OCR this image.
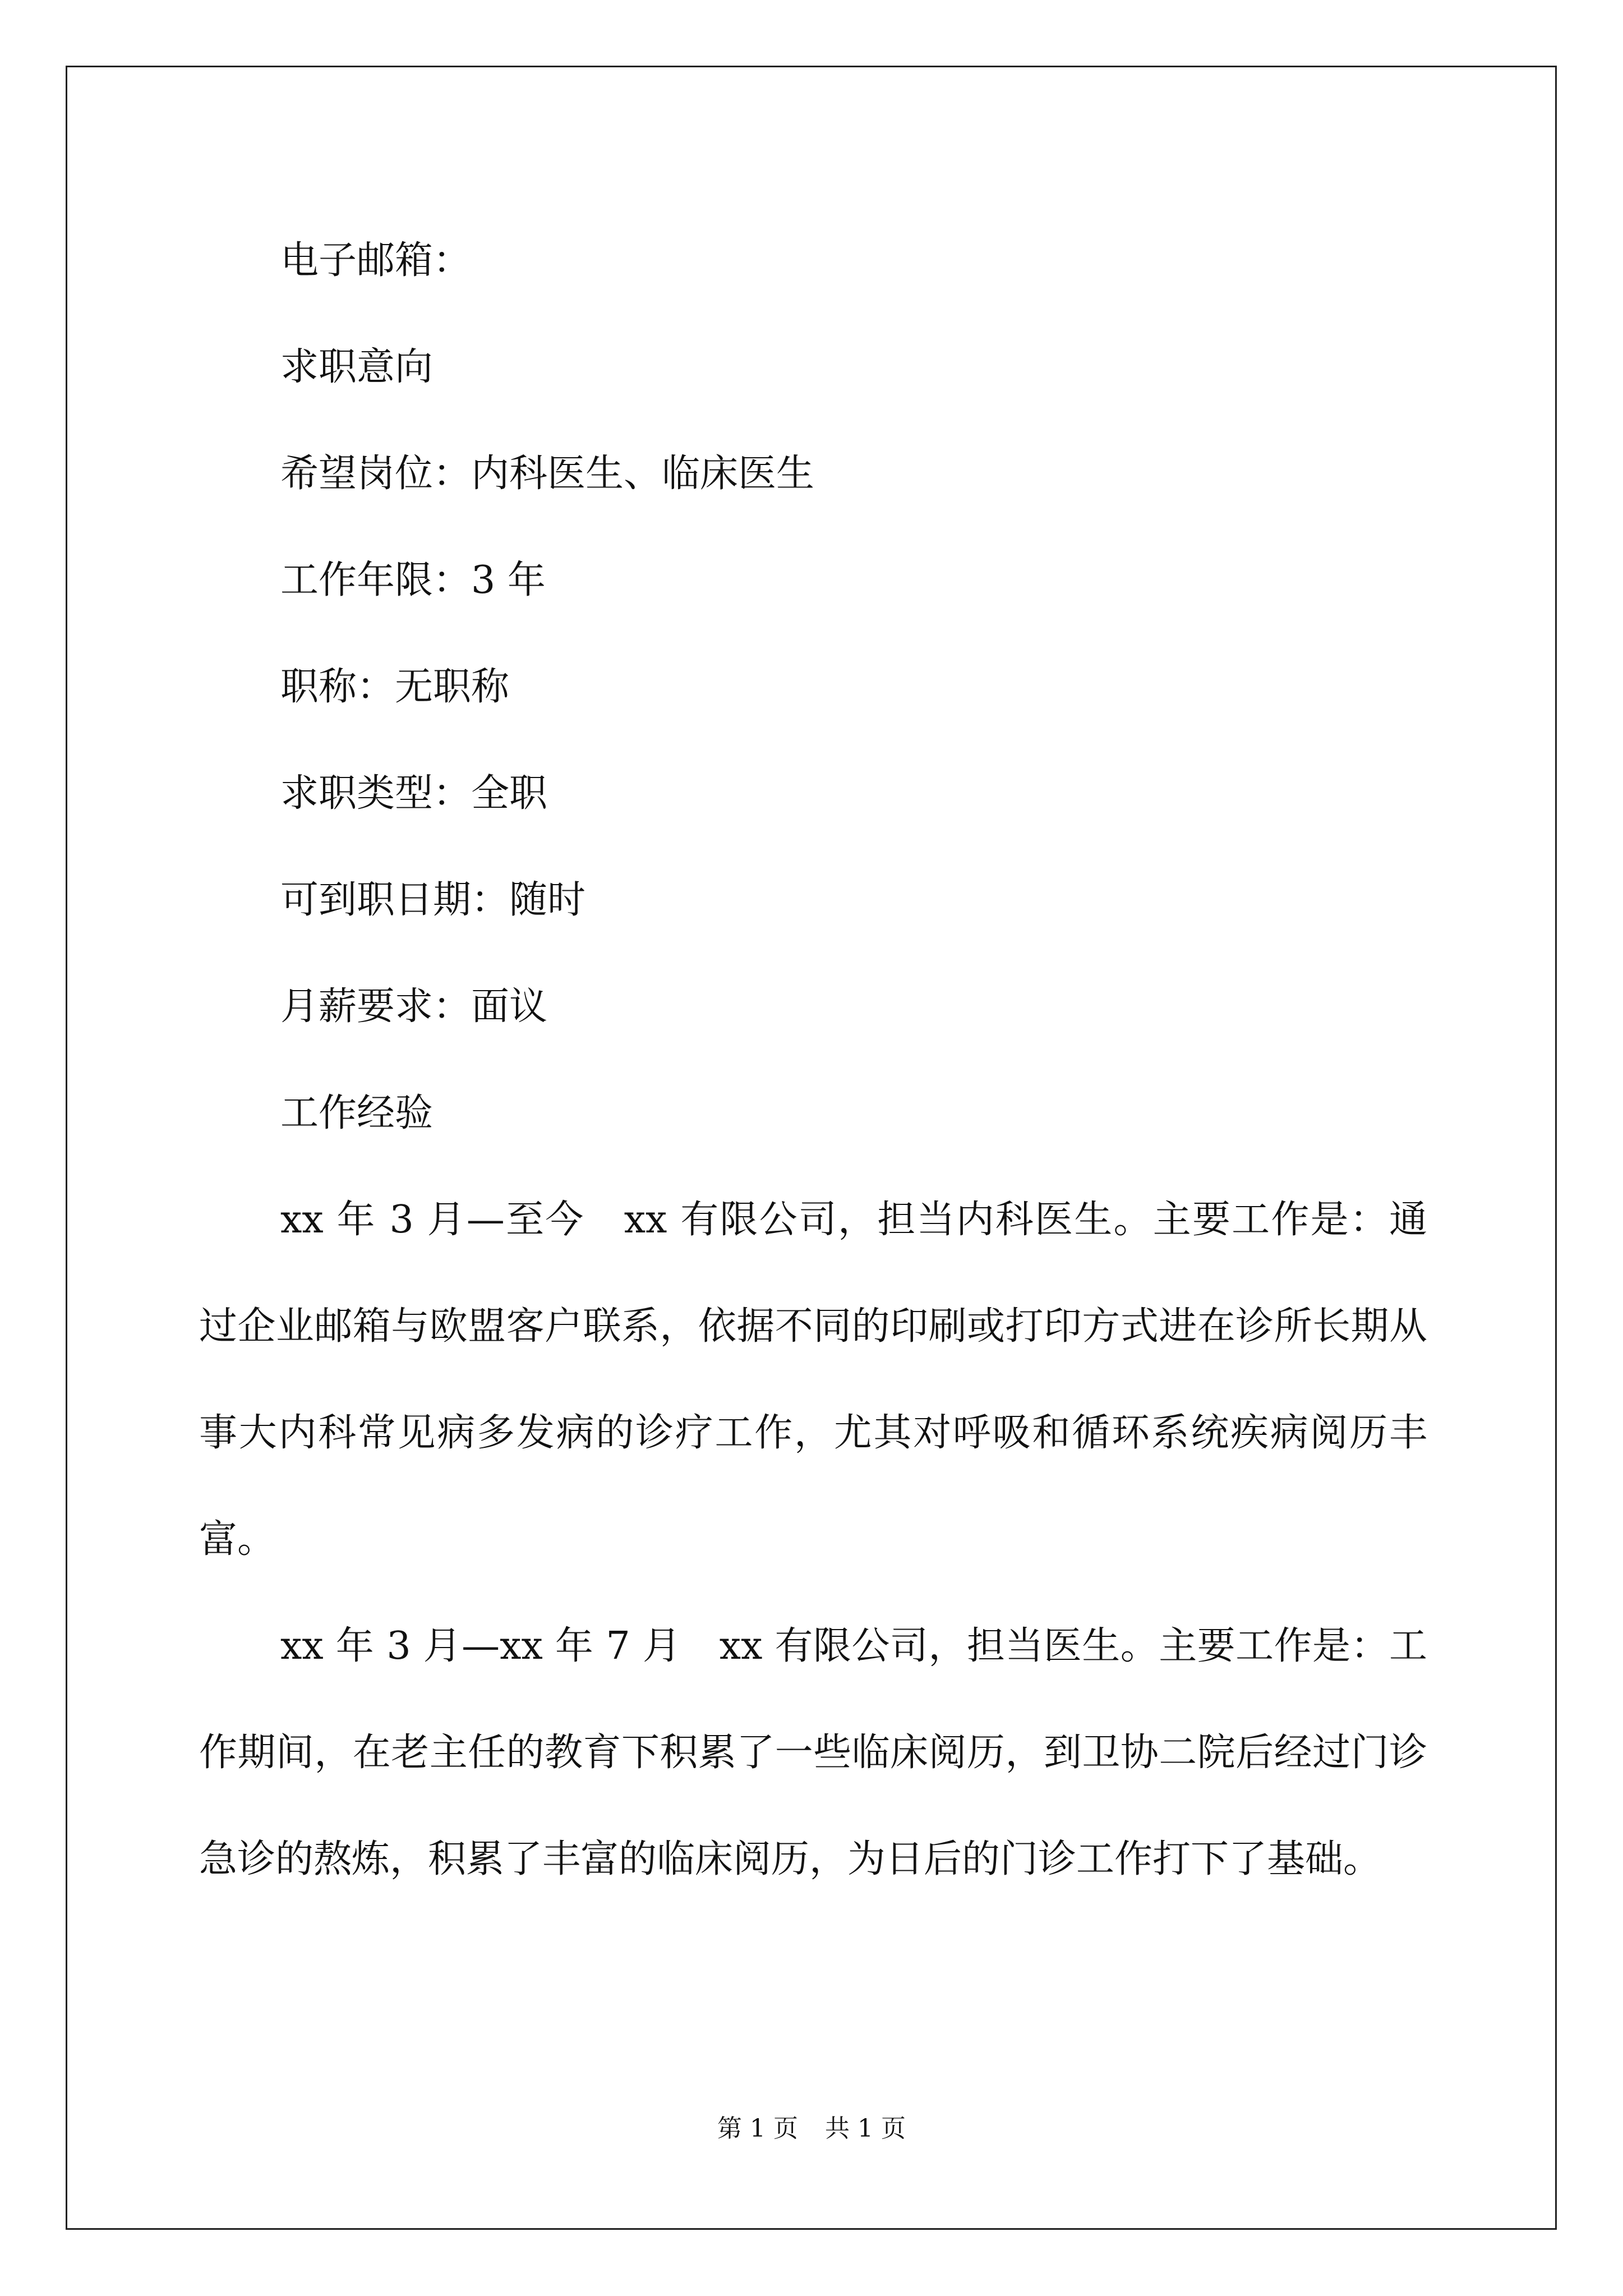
电子邮箱：
求职意向
希望岗位：内科医生、临床医生
工作年限：3 年
职称：无职称
求职类型：全职
可到职日期：随时
月薪要求：面议
工作经验
xx 年 3 月—至今　xx 有限公司，担当内科医生。主要工作是：通过企业邮箱与欧盟客户联系，依据不同的印刷或打印方式进在诊所长期从事大内科常见病多发病的诊疗工作，尤其对呼吸和循环系统疾病阅历丰富。
xx 年 3 月—xx 年 7 月　xx 有限公司，担当医生。主要工作是：工作期间，在老主任的教育下积累了一些临床阅历，到卫协二院后经过门诊急诊的熬炼，积累了丰富的临床阅历，为日后的门诊工作打下了基础。
第 1 页 共 1 页
